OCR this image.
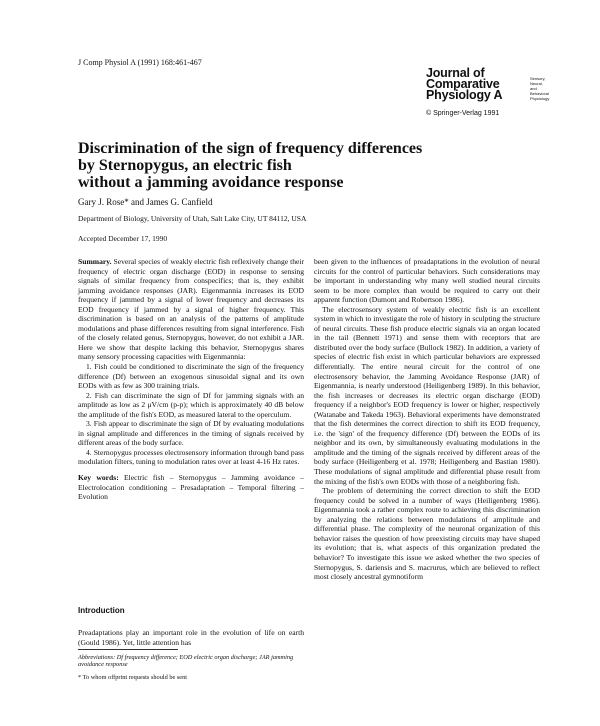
J Comp Physiol A (1991) 168:461-467
Journal of
Comparative
Physiology A
Sensory,
Neural,
and
Behavioral
Physiology
© Springer-Verlag 1991
Discrimination of the sign of frequency differences
by Sternopygus, an electric fish
without a jamming avoidance response
Gary J. Rose* and James G. Canfield
Department of Biology, University of Utah, Salt Lake City, UT 84112, USA
Accepted December 17, 1990

Summary. Several species of weakly electric fish reflexively change their frequency of electric organ discharge (EOD) in response to sensing signals of similar frequency from conspecifics; that is, they exhibit jamming avoidance responses (JAR). Eigenmannia increases its EOD frequency if jammed by a signal of lower frequency and decreases its EOD frequency if jammed by a signal of higher frequency. This discrimination is based on an analysis of the patterns of amplitude modulations and phase differences resulting from signal interference. Fish of the closely related genus, Sternopygus, however, do not exhibit a JAR. Here we show that despite lacking this behavior, Sternopygus shares many sensory processing capacities with Eigenmannia:

1. Fish could be conditioned to discriminate the sign of the frequency difference (Df) between an exogenous sinusoidal signal and its own EODs with as few as 300 training trials.

2. Fish can discriminate the sign of Df for jamming signals with an amplitude as low as 2 μV/cm (p-p); which is approximately 40 dB below the amplitude of the fish's EOD, as measured lateral to the operculum.

3. Fish appear to discriminate the sign of Df by evaluating modulations in signal amplitude and differences in the timing of signals received by different areas of the body surface.

4. Sternopygus processes electrosensory information through band pass modulation filters, tuning to modulation rates over at least 4-16 Hz rates.

Key words: Electric fish – Sternopygus – Jamming avoidance – Electrolocation conditioning – Presadaptation – Temporal filtering – Evolution

Introduction

Preadaptations play an important role in the evolution of life on earth (Gould 1986). Yet, little attention has

Abbreviations: Df frequency difference; EOD electric organ discharge; JAR jamming avoidance response
* To whom offprint requests should be sent

been given to the influences of preadaptations in the evolution of neural circuits for the control of particular behaviors. Such considerations may be important in understanding why many well studied neural circuits seem to be more complex than would be required to carry out their apparent function (Dumont and Robertson 1986).

The electrosensory system of weakly electric fish is an excellent system in which to investigate the role of history in sculpting the structure of neural circuits. These fish produce electric signals via an organ located in the tail (Bennett 1971) and sense them with receptors that are distributed over the body surface (Bullock 1982). In addition, a variety of species of electric fish exist in which particular behaviors are expressed differentially. The entire neural circuit for the control of one electrosensory behavior, the Jamming Avoidance Response (JAR) of Eigenmannia, is nearly understood (Heiligenberg 1989). In this behavior, the fish increases or decreases its electric organ discharge (EOD) frequency if a neighbor's EOD frequency is lower or higher, respectively (Watanabe and Takeda 1963). Behavioral experiments have demonstrated that the fish determines the correct direction to shift its EOD frequency, i.e. the 'sign' of the frequency difference (Df) between the EODs of its neighbor and its own, by simultaneously evaluating modulations in the amplitude and the timing of the signals received by different areas of the body surface (Heiligenberg et al. 1978; Heiligenberg and Bastian 1980). These modulations of signal amplitude and differential phase result from the mixing of the fish's own EODs with those of a neighboring fish.

The problem of determining the correct direction to shift the EOD frequency could be solved in a number of ways (Heiligenberg 1986). Eigenmannia took a rather complex route to achieving this discrimination by analyzing the relations between modulations of amplitude and differential phase. The complexity of the neuronal organization of this behavior raises the question of how preexisting circuits may have shaped its evolution; that is, what aspects of this organization predated the behavior? To investigate this issue we asked whether the two species of Sternopygus, S. dariensis and S. macrurus, which are believed to reflect most closely ancestral gymnotiform
